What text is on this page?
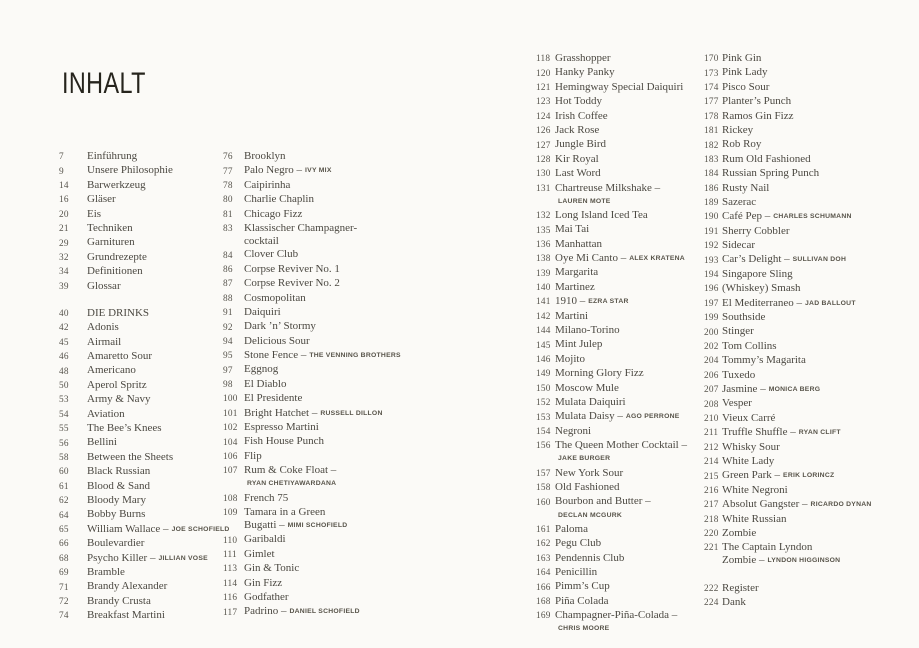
INHALT
7	Einführung
9	Unsere Philosophie
14	Barwerkzeug
16	Gläser
20	Eis
21	Techniken
29	Garnituren
32	Grundrezepte
34	Definitionen
39	Glossar
40	DIE DRINKS
42	Adonis
45	Airmail
46	Amaretto Sour
48	Americano
50	Aperol Spritz
53	Army & Navy
54	Aviation
55	The Bee’s Knees
56	Bellini
58	Between the Sheets
60	Black Russian
61	Blood & Sand
62	Bloody Mary
64	Bobby Burns
65	William Wallace – JOE SCHOFIELD
66	Boulevardier
68	Psycho Killer – JILLIAN VOSE
69	Bramble
71	Brandy Alexander
72	Brandy Crusta
74	Breakfast Martini
76	Brooklyn
77	Palo Negro – IVY MIX
78	Caipirinha
80	Charlie Chaplin
81	Chicago Fizz
83	Klassischer Champagner-
cocktail
84	Clover Club
86	Corpse Reviver No. 1
87	Corpse Reviver No. 2
88	Cosmopolitan
91	Daiquiri
92	Dark ’n’ Stormy
94	Delicious Sour
95	Stone Fence – THE VENNING BROTHERS
97	Eggnog
98	El Diablo
100 El Presidente
101 Bright Hatchet – RUSSELL DILLON
102 Espresso Martini
104 Fish House Punch
106 Flip
107 Rum & Coke Float –
RYAN CHETIYAWARDANA
108 French 75
109 Tamara in a Green
Bugatti – MIMI SCHOFIELD
110 Garibaldi
111 Gimlet
113 Gin & Tonic
114 Gin Fizz
116 Godfather
117 Padrino – DANIEL SCHOFIELD
118 Grasshopper
120 Hanky Panky
121 Hemingway Special Daiquiri
123 Hot Toddy
124 Irish Coffee
126 Jack Rose
127 Jungle Bird
128 Kir Royal
130 Last Word
131 Chartreuse Milkshake –
LAUREN MOTE
132 Long Island Iced Tea
135 Mai Tai
136 Manhattan
138 Oye Mi Canto – ALEX KRATENA
139 Margarita
140 Martinez
141 1910 – EZRA STAR
142 Martini
144 Milano-Torino
145 Mint Julep
146 Mojito
149 Morning Glory Fizz
150 Moscow Mule
152 Mulata Daiquiri
153 Mulata Daisy – AGO PERRONE
154 Negroni
156 The Queen Mother Cocktail –
JAKE BURGER
157 New York Sour
158 Old Fashioned
160 Bourbon and Butter –
DECLAN MCGURK
161 Paloma
162 Pegu Club
163 Pendennis Club
164 Penicillin
166 Pimm’s Cup
168 Piña Colada
169 Champagner-Piña-Colada –
CHRIS MOORE
170 Pink Gin
173 Pink Lady
174 Pisco Sour
177 Planter’s Punch
178 Ramos Gin Fizz
181 Rickey
182 Rob Roy
183 Rum Old Fashioned
184 Russian Spring Punch
186 Rusty Nail
189 Sazerac
190 Café Pep – CHARLES SCHUMANN
191 Sherry Cobbler
192 Sidecar
193 Car’s Delight – SULLIVAN DOH
194 Singapore Sling
196 (Whiskey) Smash
197 El Mediterraneo – JAD BALLOUT
199 Southside
200 Stinger
202 Tom Collins
204 Tommy’s Magarita
206 Tuxedo
207 Jasmine – MONICA BERG
208 Vesper
210 Vieux Carré
211 Truffle Shuffle – RYAN CLIFT
212 Whisky Sour
214 White Lady
215 Green Park – ERIK LORINCZ
216 White Negroni
217 Absolut Gangster – RICARDO DYNAN
218 White Russian
220 Zombie
221 The Captain Lyndon
Zombie – LYNDON HIGGINSON
222 Register
224 Dank
